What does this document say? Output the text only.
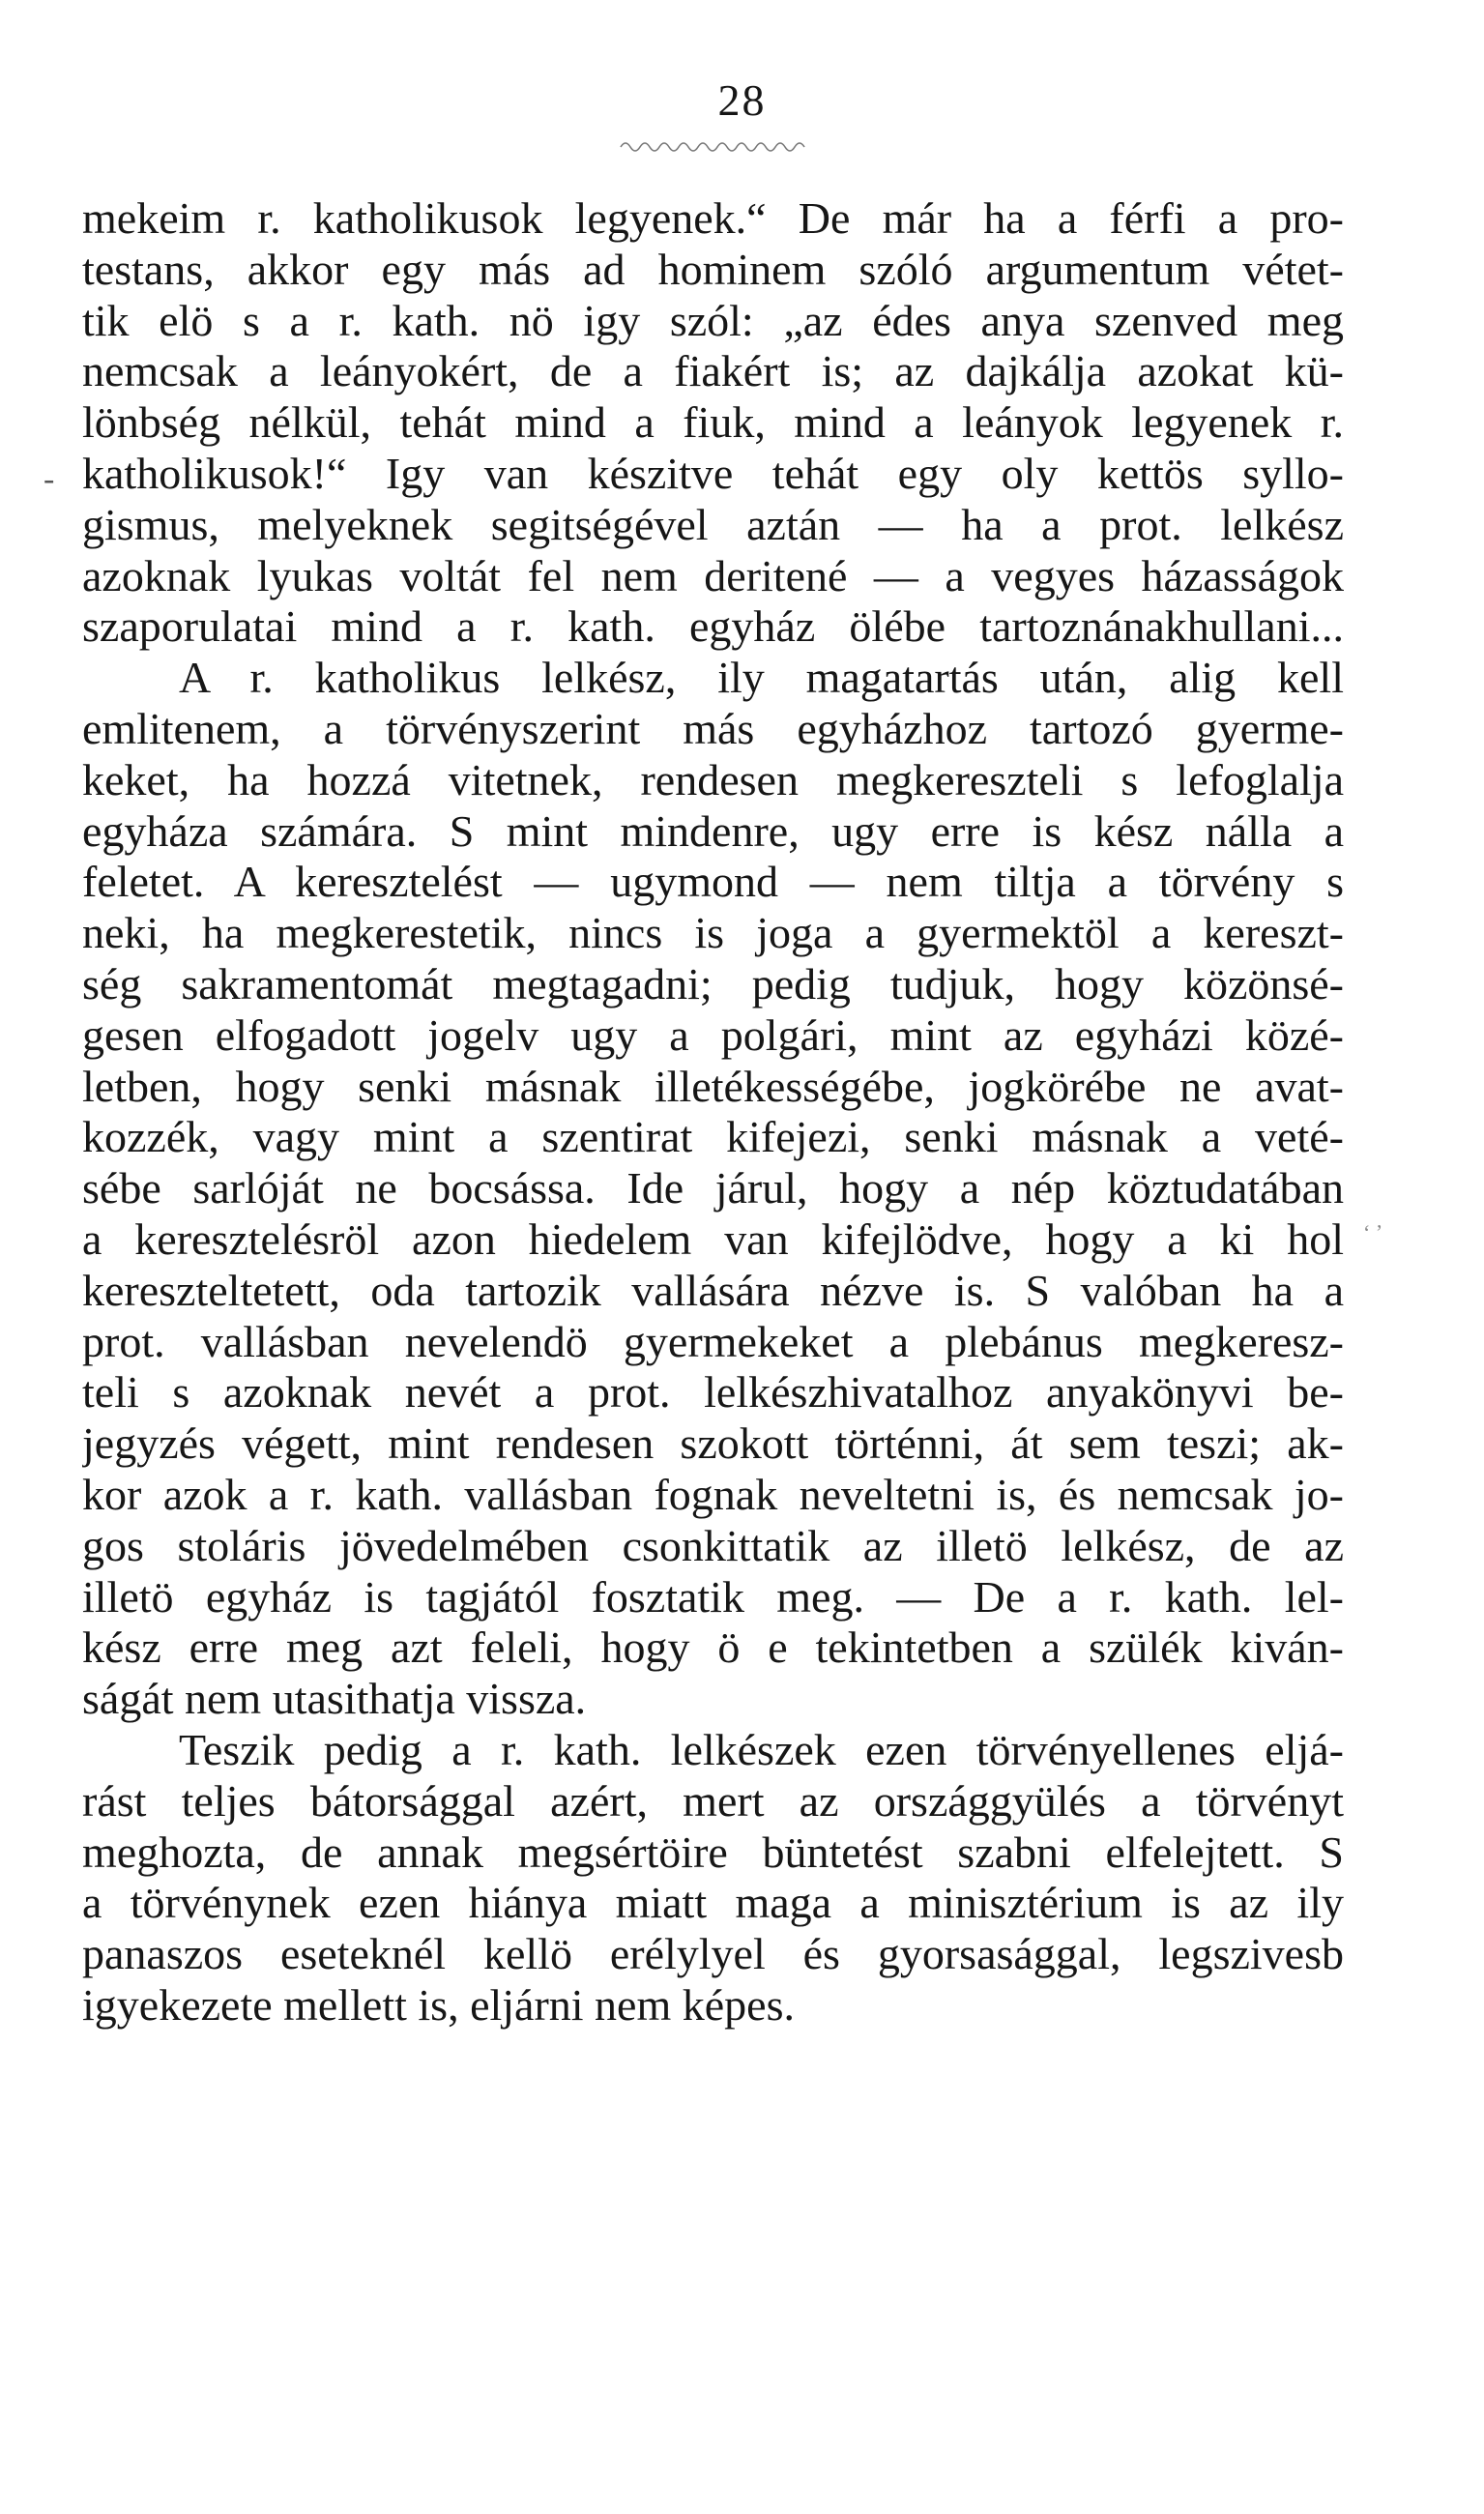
28
-
ʻ ʼ
mekeim r. katholikusok legyenek.“ De már ha a férfi a pro-
testans, akkor egy más ad hominem szóló argumentum vétet-
tik elö s a r. kath. nö igy szól: „az édes anya szenved meg
nemcsak a leányokért, de a fiakért is; az dajkálja azokat kü-
lönbség nélkül, tehát mind a fiuk, mind a leányok legyenek r.
katholikusok!“ Igy van készitve tehát egy oly kettös syllo-
gismus, melyeknek segitségével aztán — ha a prot. lelkész
azoknak lyukas voltát fel nem deritené — a vegyes házasságok
szaporulatai mind a r. kath. egyház ölébe tartoznánakhullani...
A r. katholikus lelkész, ily magatartás után, alig kell
emlitenem, a törvényszerint más egyházhoz tartozó gyerme-
keket, ha hozzá vitetnek, rendesen megkereszteli s lefoglalja
egyháza számára. S mint mindenre, ugy erre is kész nálla a
feletet. A keresztelést — ugymond — nem tiltja a törvény s
neki, ha megkerestetik, nincs is joga a gyermektöl a kereszt-
ség sakramentomát megtagadni; pedig tudjuk, hogy közönsé-
gesen elfogadott jogelv ugy a polgári, mint az egyházi közé-
letben, hogy senki másnak illetékességébe, jogkörébe ne avat-
kozzék, vagy mint a szentirat kifejezi, senki másnak a veté-
sébe sarlóját ne bocsássa. Ide járul, hogy a nép köztudatában
a keresztelésröl azon hiedelem van kifejlödve, hogy a ki hol
kereszteltetett, oda tartozik vallására nézve is. S valóban ha a
prot. vallásban nevelendö gyermekeket a plebánus megkeresz-
teli s azoknak nevét a prot. lelkészhivatalhoz anyakönyvi be-
jegyzés végett, mint rendesen szokott történni, át sem teszi; ak-
kor azok a r. kath. vallásban fognak neveltetni is, és nemcsak jo-
gos stoláris jövedelmében csonkittatik az illetö lelkész, de az
illetö egyház is tagjától fosztatik meg. — De a r. kath. lel-
kész erre meg azt feleli, hogy ö e tekintetben a szülék kiván-
ságát nem utasithatja vissza.
Teszik pedig a r. kath. lelkészek ezen törvényellenes eljá-
rást teljes bátorsággal azért, mert az országgyülés a törvényt
meghozta, de annak megsértöire büntetést szabni elfelejtett. S
a törvénynek ezen hiánya miatt maga a minisztérium is az ily
panaszos eseteknél kellö erélylyel és gyorsasággal, legszivesb
igyekezete mellett is, eljárni nem képes.
